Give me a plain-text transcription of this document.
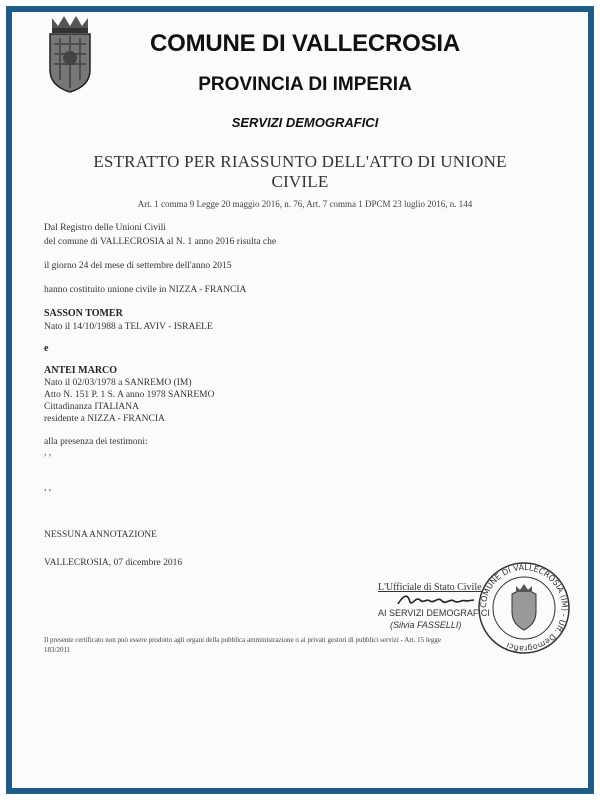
COMUNE DI VALLECROSIA
PROVINCIA DI IMPERIA
SERVIZI DEMOGRAFICI
ESTRATTO PER RIASSUNTO DELL'ATTO DI UNIONE
CIVILE
Art. 1 comma 9 Legge 20 maggio 2016, n. 76, Art. 7 comma 1 DPCM 23 luglio 2016, n. 144
Dal Registro delle Unioni Civili
del comune di VALLECROSIA al N. 1 anno 2016 risulta che
il giorno 24 del mese di settembre dell'anno 2015
hanno costituito unione civile in NIZZA - FRANCIA
SASSON TOMER
Nato il 14/10/1988 a TEL AVIV - ISRAELE
e
ANTEI MARCO
Nato il 02/03/1978 a SANREMO (IM)
Atto N. 151 P. 1 S. A anno 1978 SANREMO
Cittadinanza ITALIANA
residente a NIZZA - FRANCIA
alla presenza dei testimoni:
, ,
, ,
NESSUNA ANNOTAZIONE
VALLECROSIA, 07 dicembre 2016
L'Ufficiale di Stato Civile
AI SERVIZI DEMOGRAFICI
(Silvia FASSELLI)
COMUNE DI VALLECROSIA (IM) - Uff. Demografici
Il presente certificato non può essere prodotto agli organi della pubblica amministrazione o ai privati gestori di pubblici servizi - Art. 15 legge
183/2011
